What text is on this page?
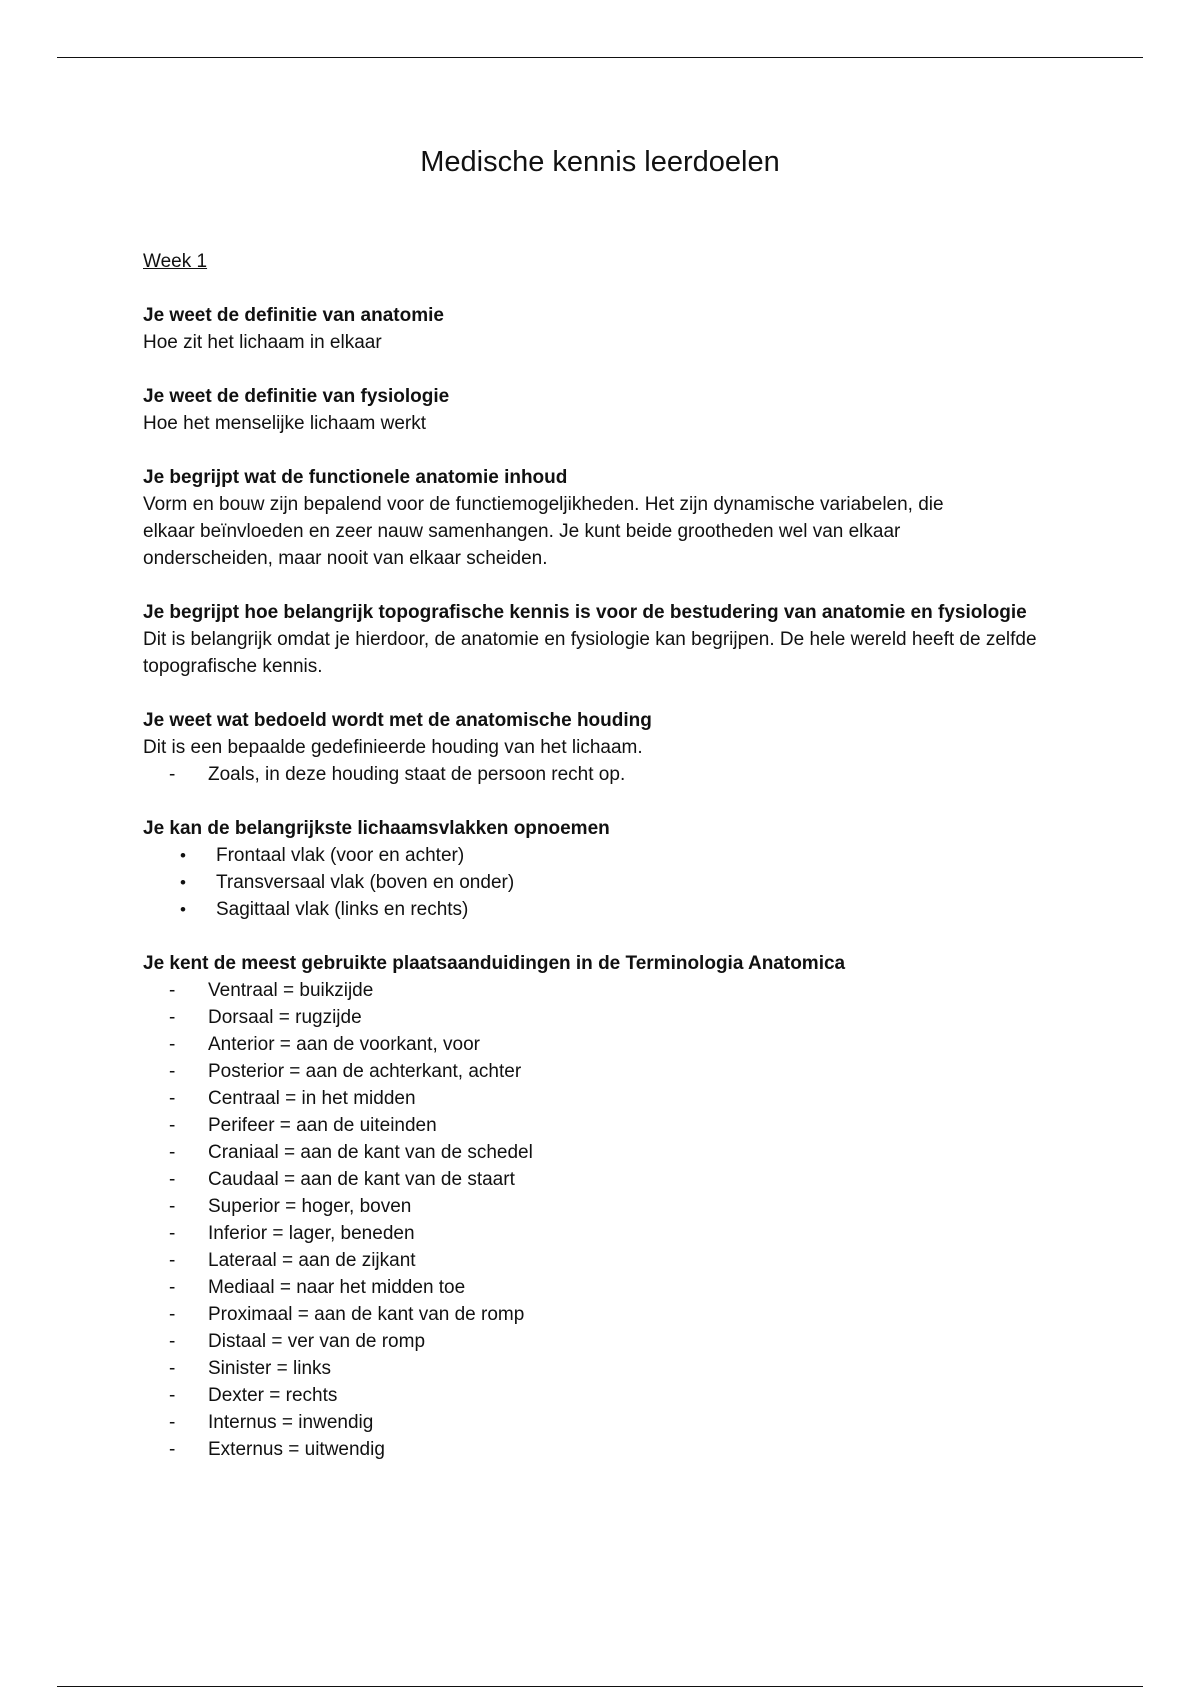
Medische kennis leerdoelen

Week 1

Je weet de definitie van anatomie

Hoe zit het lichaam in elkaar

Je weet de definitie van fysiologie

Hoe het menselijke lichaam werkt

Je begrijpt wat de functionele anatomie inhoud

Vorm en bouw zijn bepalend voor de functiemogeljikheden. Het zijn dynamische variabelen, die elkaar beïnvloeden en zeer nauw samenhangen. Je kunt beide grootheden wel van elkaar onderscheiden, maar nooit van elkaar scheiden.

Je begrijpt hoe belangrijk topografische kennis is voor de bestudering van anatomie en fysiologie

Dit is belangrijk omdat je hierdoor, de anatomie en fysiologie kan begrijpen. De hele wereld heeft de zelfde topografische kennis.

Je weet wat bedoeld wordt met de anatomische houding

Dit is een bepaalde gedefinieerde houding van het lichaam.

-	Zoals, in deze houding staat de persoon recht op.

Je kan de belangrijkste lichaamsvlakken opnoemen

•	Frontaal vlak (voor en achter)
•	Transversaal vlak (boven en onder)
•	Sagittaal vlak (links en rechts)

Je kent de meest gebruikte plaatsaanduidingen in de Terminologia Anatomica

-	Ventraal = buikzijde
-	Dorsaal = rugzijde
-	Anterior = aan de voorkant, voor
-	Posterior = aan de achterkant, achter
-	Centraal = in het midden
-	Perifeer = aan de uiteinden
-	Craniaal = aan de kant van de schedel
-	Caudaal = aan de kant van de staart
-	Superior = hoger, boven
-	Inferior = lager, beneden
-	Lateraal = aan de zijkant
-	Mediaal = naar het midden toe
-	Proximaal = aan de kant van de romp
-	Distaal = ver van de romp
-	Sinister = links
-	Dexter = rechts
-	Internus = inwendig
-	Externus = uitwendig
